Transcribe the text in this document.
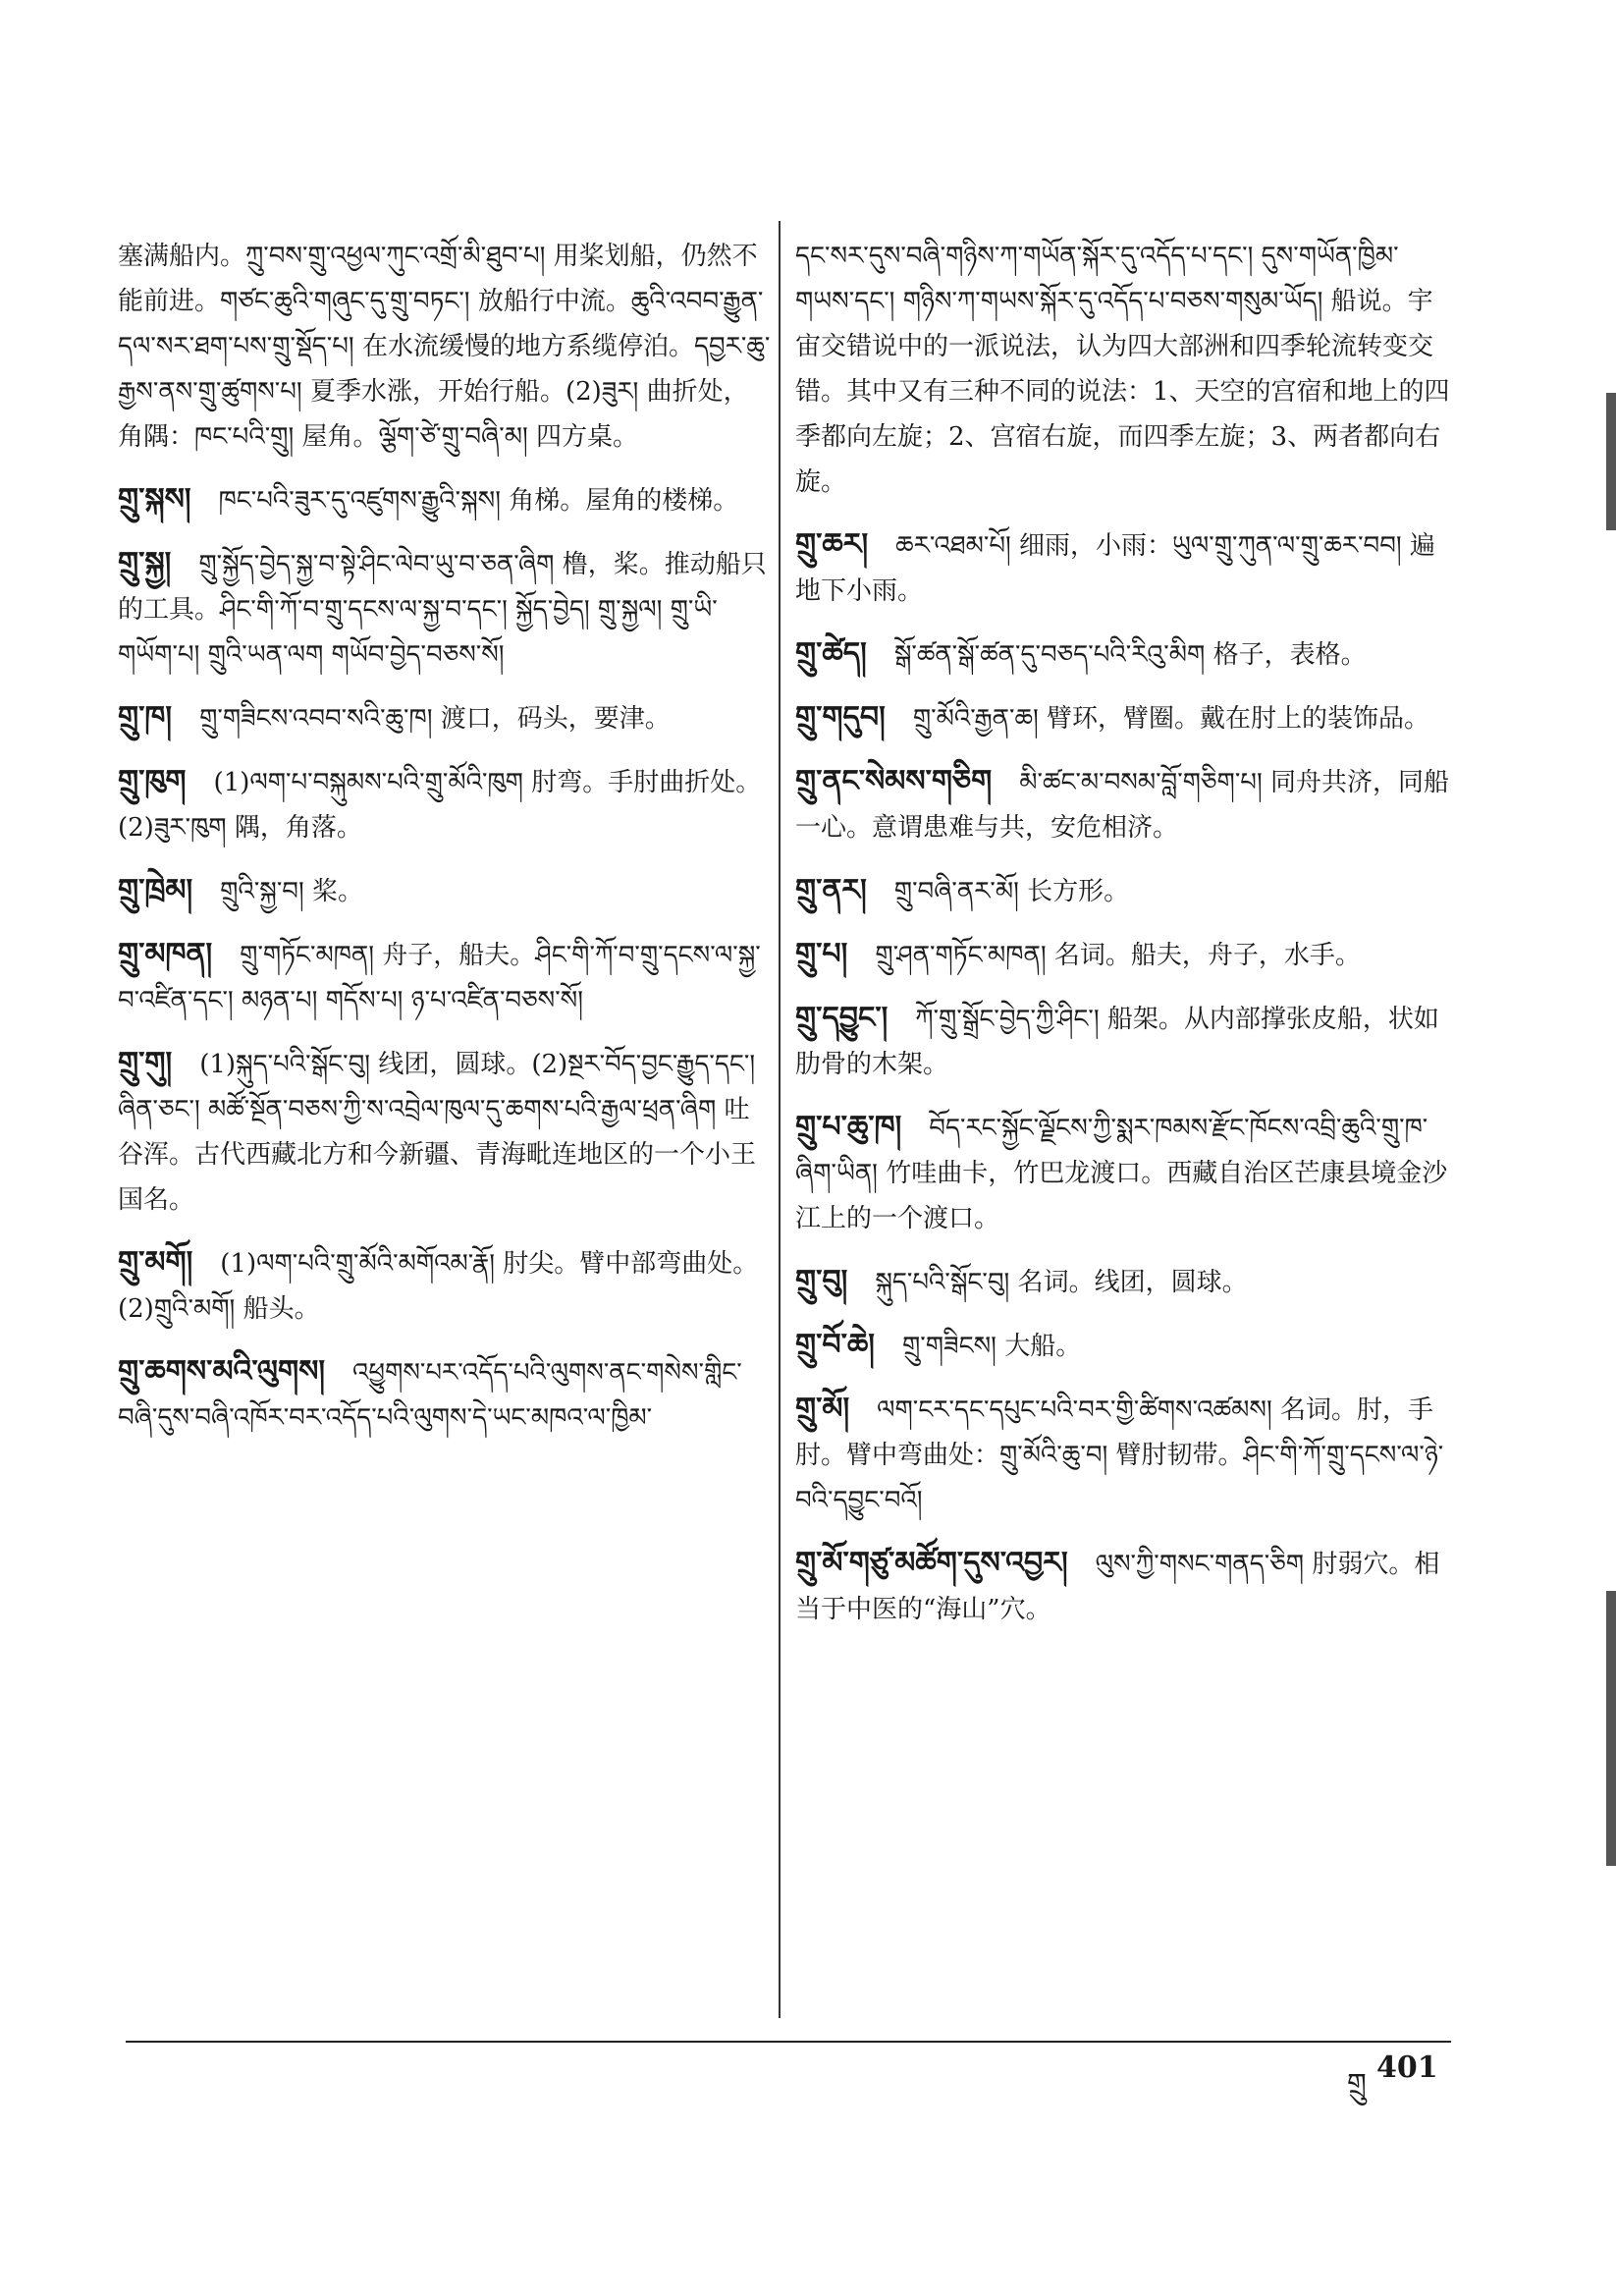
塞满船内。ཀྲུ་བས་གྲུ་འཕྱལ་ཀུང་འགྲོ་མི་ཐུབ་པ། 用桨划船，仍然不能前进。གཙང་ཆུའི་གཞུང་དུ་གྲུ་བཏང་། 放船行中流。ཆུའི་འབབ་རྒྱུན་དལ་སར་ཐག་པས་གྲུ་སྡོད་པ། 在水流缓慢的地方系缆停泊。དབྱར་ཆུ་རྒྱས་ནས་གྲུ་ཚུགས་པ། 夏季水涨，开始行船。(2)ཟུར། 曲折处，角隅：ཁང་པའི་གྲུ། 屋角。ལྕོག་ཙེ་གྲུ་བཞི་མ། 四方桌。
གྲུ་སྐས། ཁང་པའི་ཟུར་དུ་འཛུགས་རྒྱུའི་སྐས། 角梯。屋角的楼梯。
གྲུ་སྐྱ། གྲུ་སྐྱོད་བྱེད་སྐྱ་བ་སྟེ་ཤིང་ལེབ་ཡུ་བ་ཅན་ཞིག 橹，桨。推动船只的工具。ཤིང་གི་ཀོ་བ་གྲུ་དངས་ལ་སྐྱ་བ་དང་། སྐྱོད་བྱེད། གྲུ་སྐྱལ། གྲུ་ཡི་གཡོག་པ། གྲུའི་ཡན་ལག གཡོབ་བྱེད་བཅས་སོ།
གྲུ་ཁ། གྲུ་གཟིངས་འབབ་སའི་ཆུ་ཁ། 渡口，码头，要津。
གྲུ་ཁུག (1)ལག་པ་བསྐུམས་པའི་གྲུ་མོའི་ཁུག 肘弯。手肘曲折处。(2)ཟུར་ཁུག 隅，角落。
གྲུ་ཁྲེམ། གྲུའི་སྐྱ་བ། 桨。
གྲུ་མཁན། གྲུ་གཏོང་མཁན། 舟子，船夫。ཤིང་གི་ཀོ་བ་གྲུ་དངས་ལ་སྐྱ་བ་འཛིན་དང་། མཉན་པ། གདོས་པ། ཉ་པ་འཛིན་བཅས་སོ།
གྲུ་གུ། (1)སྐུད་པའི་སྒོང་བུ། 线团，圆球。(2)སྔར་བོད་བྱང་རྒྱུད་དང་། ཞིན་ཅང་། མཚོ་སྔོན་བཅས་ཀྱི་ས་འབྲེལ་ཁུལ་དུ་ཆགས་པའི་རྒྱལ་ཕྲན་ཞིག 吐谷浑。古代西藏北方和今新疆、青海毗连地区的一个小王国名。
གྲུ་མགོ། (1)ལག་པའི་གྲུ་མོའི་མགོའམ་རྣོ། 肘尖。臂中部弯曲处。(2)གྲུའི་མགོ། 船头。
གྲུ་ཆགས་མའི་ལུགས། འཕྱུགས་པར་འདོད་པའི་ལུགས་ནང་གསེས་གླིང་བཞི་དུས་བཞི་འཁོར་བར་འདོད་པའི་ལུགས་དེ་ཡང་མཁའ་ལ་ཁྱིམ་
དང་སར་དུས་བཞི་གཉིས་ཀ་གཡོན་སྐོར་དུ་འདོད་པ་དང་། དུས་གཡོན་ཁྱིམ་གཡས་དང་། གཉིས་ཀ་གཡས་སྐོར་དུ་འདོད་པ་བཅས་གསུམ་ཡོད། 船说。宇宙交错说中的一派说法，认为四大部洲和四季轮流转变交错。其中又有三种不同的说法：1、天空的宫宿和地上的四季都向左旋；2、宫宿右旋，而四季左旋；3、两者都向右旋。
གྲུ་ཆར། ཆར་འཐམ་པོ། 细雨，小雨：ཡུལ་གྲུ་ཀུན་ལ་གྲུ་ཆར་བབ། 遍地下小雨。
གྲུ་ཚེད། སྒོ་ཚན་སྒོ་ཚན་དུ་བཅད་པའི་རིའུ་མིག 格子，表格。
གྲུ་གདུབ། གྲུ་མོའི་རྒྱན་ཆ། 臂环，臂圈。戴在肘上的装饰品。
གྲུ་ནང་སེམས་གཅིག མི་ཚང་མ་བསམ་བློ་གཅིག་པ། 同舟共济，同船一心。意谓患难与共，安危相济。
གྲུ་ནར། གྲུ་བཞི་ནར་མོ། 长方形。
གྲུ་པ། གྲུ་ཤན་གཏོང་མཁན། 名词。船夫，舟子，水手。
གྲུ་དབྱུང་། ཀོ་གྲུ་སྒྲོང་བྱེད་ཀྱི་ཤིང་། 船架。从内部撑张皮船，状如肋骨的木架。
གྲུ་པ་ཆུ་ཁ། བོད་རང་སྐྱོང་ལྗོངས་ཀྱི་སྨར་ཁམས་རྫོང་ཁོངས་འབྲི་ཆུའི་གྲུ་ཁ་ཞིག་ཡིན། 竹哇曲卡，竹巴龙渡口。西藏自治区芒康县境金沙江上的一个渡口。
གྲུ་བུ། སྐུད་པའི་སྒོང་བུ། 名词。线团，圆球。
གྲུ་བོ་ཆེ། གྲུ་གཟིངས། 大船。
གྲུ་མོ། ལག་ངར་དང་དཔུང་པའི་བར་གྱི་ཚིགས་འཚམས། 名词。肘，手肘。臂中弯曲处：གྲུ་མོའི་ཆུ་བ། 臂肘韧带。ཤིང་གི་ཀོ་གྲུ་དངས་ལ་ཉེ་བའི་དབྱུང་བའོ།
གྲུ་མོ་གཙུ་མཚོག་དུས་འབྱར། ལུས་ཀྱི་གསང་གནད་ཅིག 肘弱穴。相当于中医的“海山”穴。
གྲུ 401
